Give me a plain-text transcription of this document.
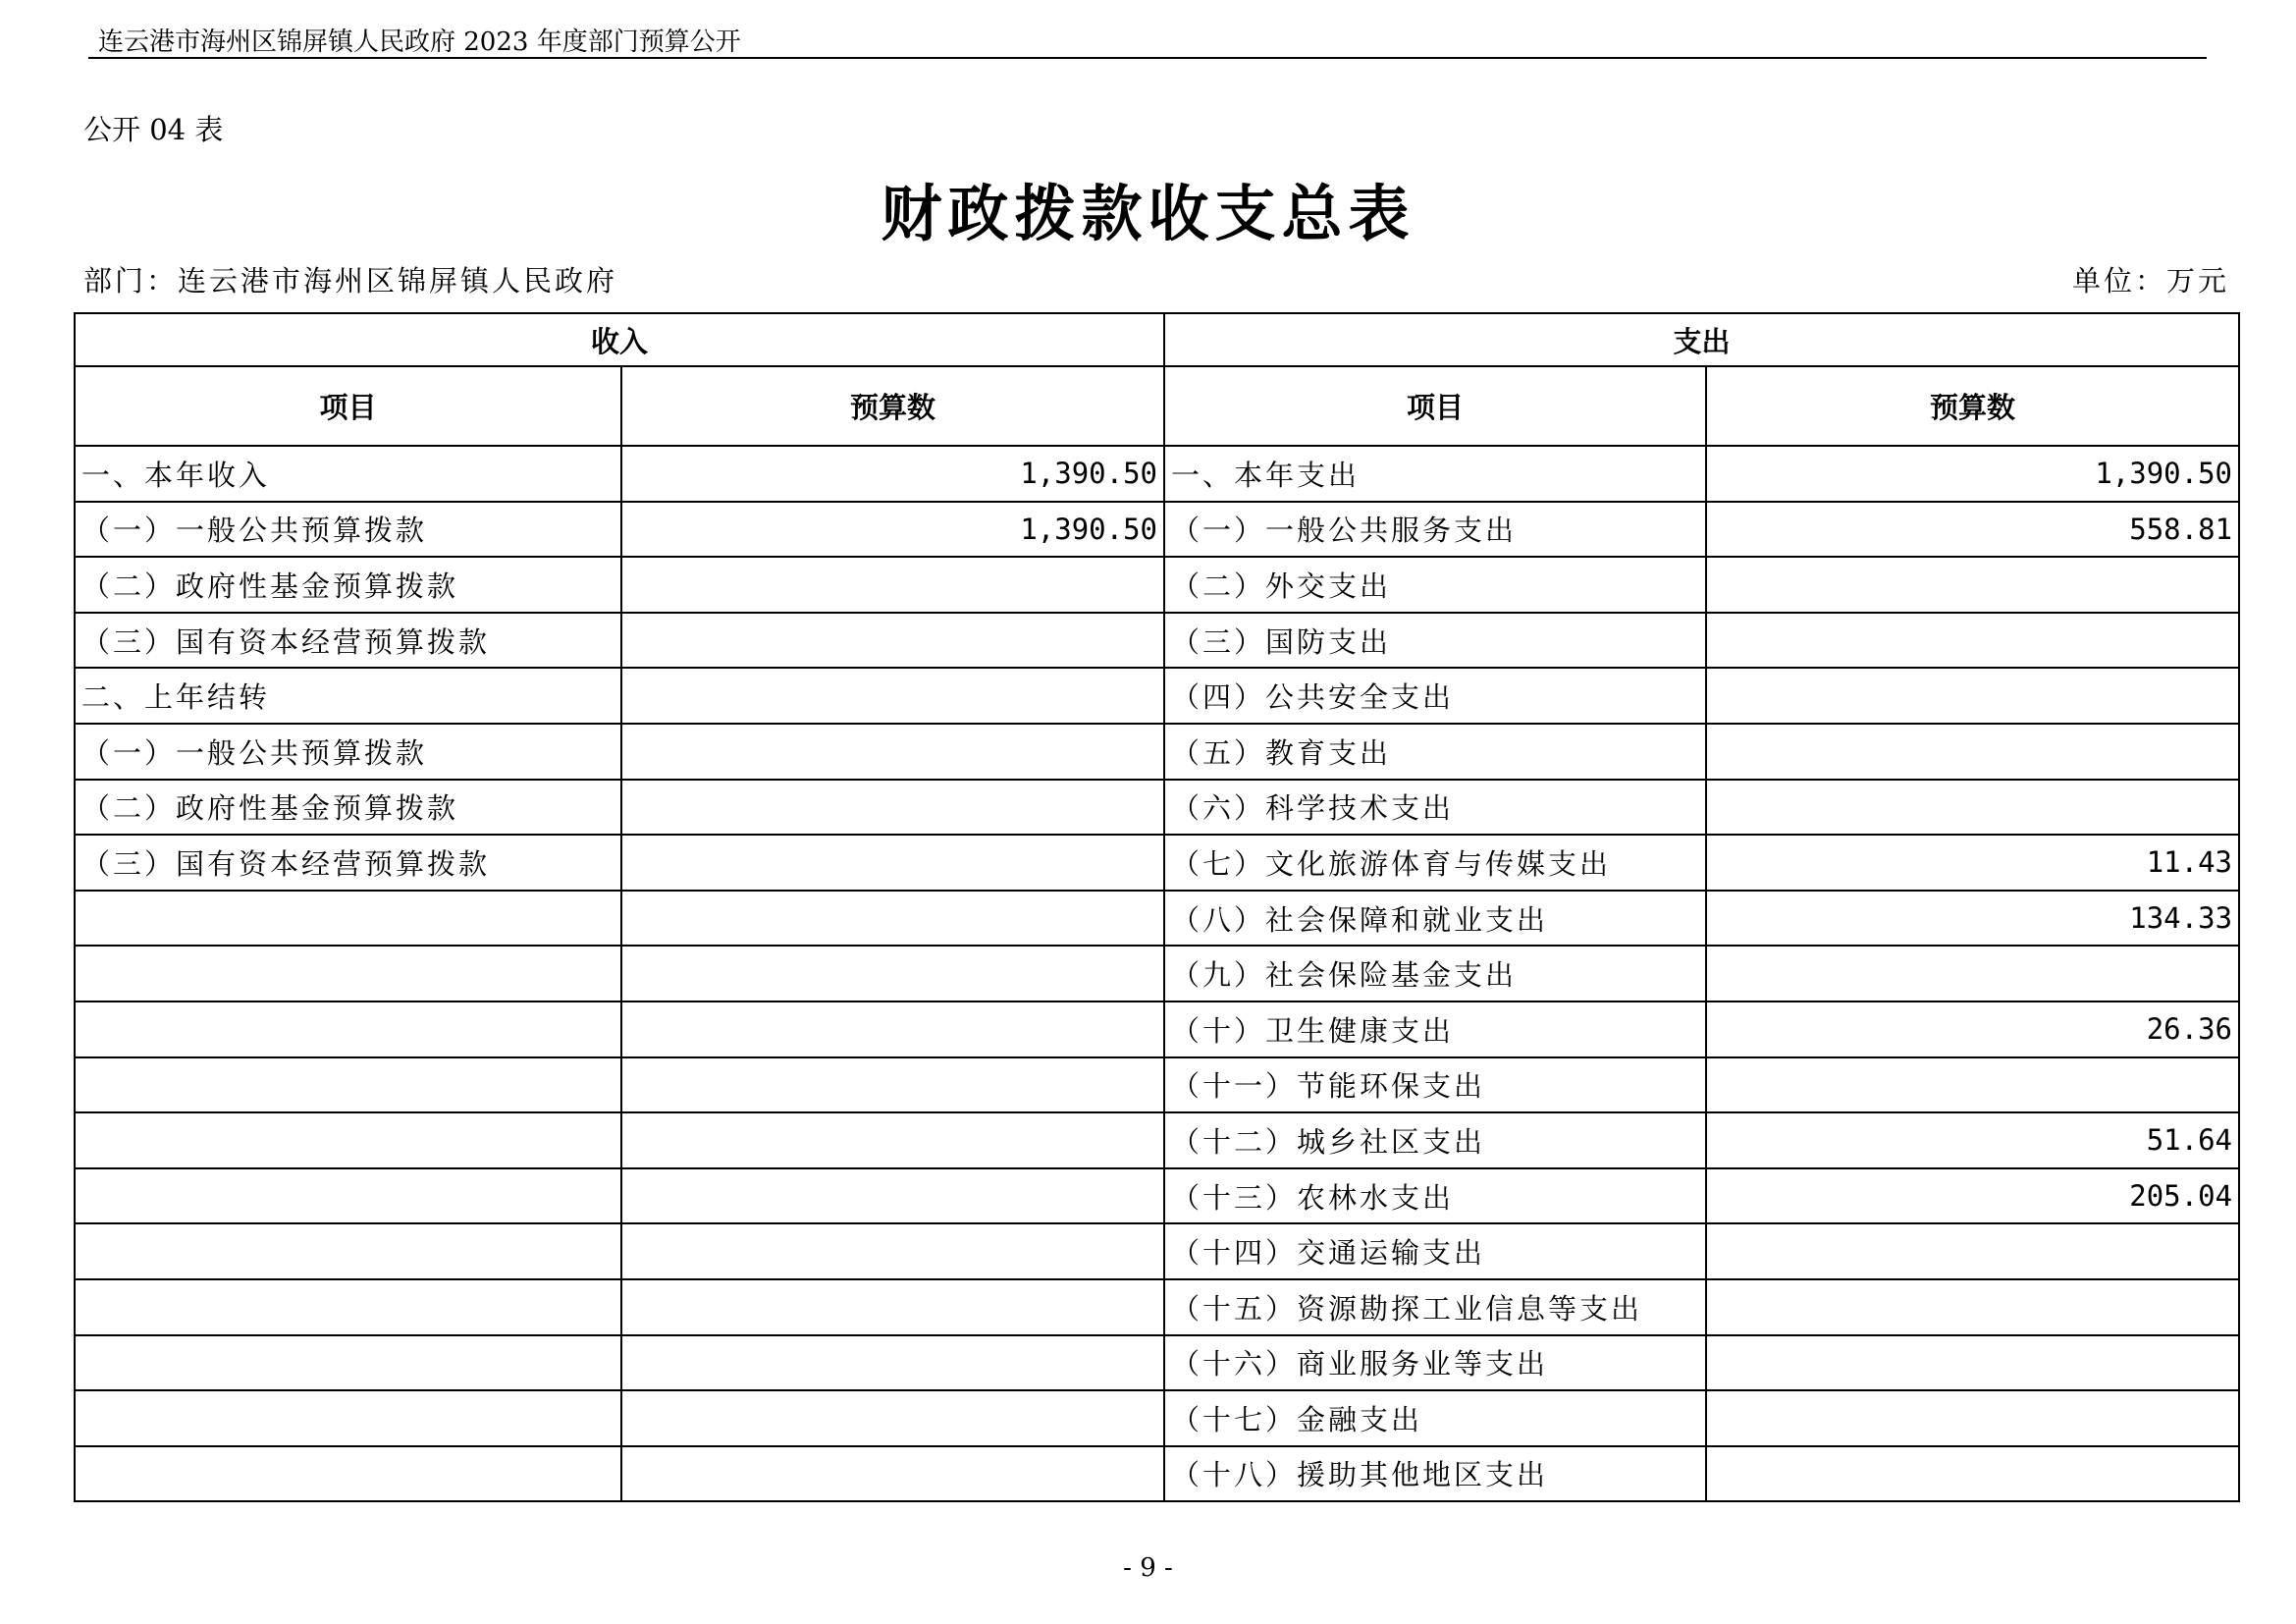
连云港市海州区锦屏镇人民政府 2023 年度部门预算公开
公开 04 表
财政拨款收支总表
部门：连云港市海州区锦屏镇人民政府	单位：万元
收入		支出	
项目	预算数	项目	预算数
一、本年收入	1,390.50	一、本年支出	1,390.50
（一）一般公共预算拨款	1,390.50	（一）一般公共服务支出	558.81
（二）政府性基金预算拨款		（二）外交支出	
（三）国有资本经营预算拨款		（三）国防支出	
二、上年结转		（四）公共安全支出	
（一）一般公共预算拨款		（五）教育支出	
（二）政府性基金预算拨款		（六）科学技术支出	
（三）国有资本经营预算拨款		（七）文化旅游体育与传媒支出	11.43
		（八）社会保障和就业支出	134.33
		（九）社会保险基金支出	
		（十）卫生健康支出	26.36
		（十一）节能环保支出	
		（十二）城乡社区支出	51.64
		（十三）农林水支出	205.04
		（十四）交通运输支出	
		（十五）资源勘探工业信息等支出	
		（十六）商业服务业等支出	
		（十七）金融支出	
		（十八）援助其他地区支出	
- 9 -
